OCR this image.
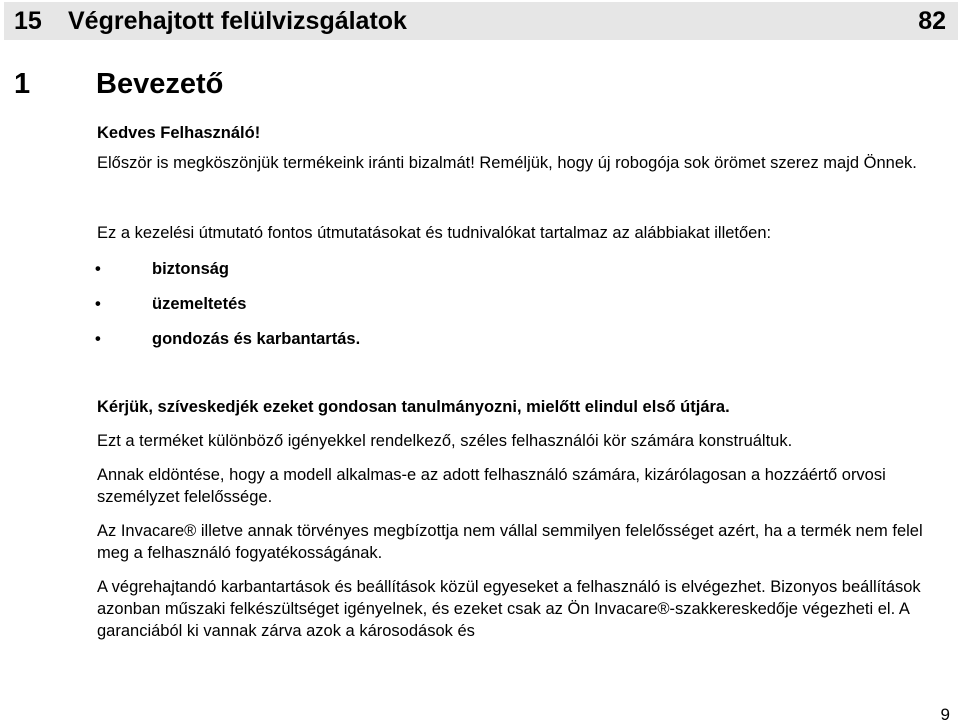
15 Végrehajtott felülvizsgálatok	82
1 Bevezető

Kedves Felhasználó!

Először is megköszönjük termékeink iránti bizalmát! Reméljük, hogy új robogója sok örömet szerez majd Önnek.

Ez a kezelési útmutató fontos útmutatásokat és tudnivalókat tartalmaz az alábbiakat illetően:

•	biztonság
•	üzemeltetés
•	gondozás és karbantartás.

Kérjük, szíveskedjék ezeket gondosan tanulmányozni, mielőtt elindul első útjára.

Ezt a terméket különböző igényekkel rendelkező, széles felhasználói kör számára konstruáltuk.

Annak eldöntése, hogy a modell alkalmas-e az adott felhasználó számára, kizárólagosan a hozzáértő orvosi személyzet felelőssége.

Az Invacare® illetve annak törvényes megbízottja nem vállal semmilyen felelősséget azért, ha a termék nem felel meg a felhasználó fogyatékosságának.

A végrehajtandó karbantartások és beállítások közül egyeseket a felhasználó is elvégezhet. Bizonyos beállítások azonban műszaki felkészültséget igényelnek, és ezeket csak az Ön Invacare®-szakkereskedője végezheti el. A garanciából ki vannak zárva azok a károsodások és

9
